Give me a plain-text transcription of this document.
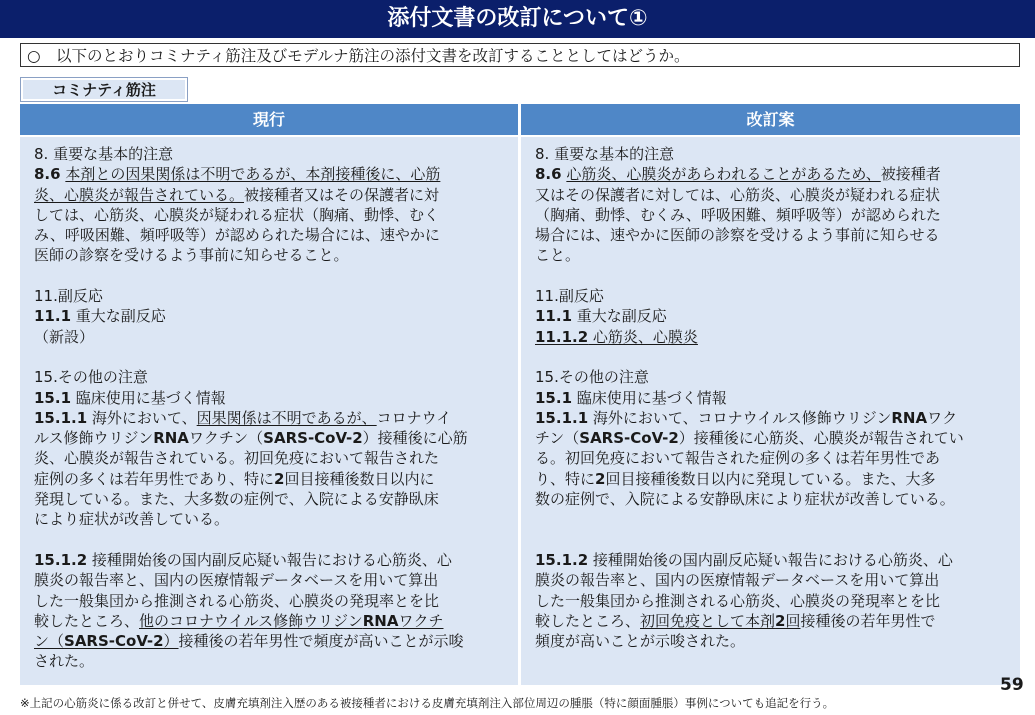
添付文書の改訂について①
○　以下のとおりコミナティ筋注及びモデルナ筋注の添付文書を改訂することとしてはどうか。
コミナティ筋注
現行	改訂案
8. 重要な基本的注意
8.6 本剤との因果関係は不明であるが、本剤接種後に、心筋
炎、心膜炎が報告されている。被接種者又はその保護者に対
しては、心筋炎、心膜炎が疑われる症状（胸痛、動悸、むく
み、呼吸困難、頻呼吸等）が認められた場合には、速やかに
医師の診察を受けるよう事前に知らせること。
11.副反応
11.1 重大な副反応
（新設）
15.その他の注意
15.1 臨床使用に基づく情報
15.1.1 海外において、因果関係は不明であるが、コロナウイ
ルス修飾ウリジンRNAワクチン（SARS-CoV-2）接種後に心筋
炎、心膜炎が報告されている。初回免疫において報告された
症例の多くは若年男性であり、特に2回目接種後数日以内に
発現している。また、大多数の症例で、入院による安静臥床
により症状が改善している。
15.1.2 接種開始後の国内副反応疑い報告における心筋炎、心
膜炎の報告率と、国内の医療情報データベースを用いて算出
した一般集団から推測される心筋炎、心膜炎の発現率とを比
較したところ、他のコロナウイルス修飾ウリジンRNAワクチ
ン（SARS-CoV-2）接種後の若年男性で頻度が高いことが示唆
された。
8. 重要な基本的注意
8.6 心筋炎、心膜炎があらわれることがあるため、被接種者
又はその保護者に対しては、心筋炎、心膜炎が疑われる症状
（胸痛、動悸、むくみ、呼吸困難、頻呼吸等）が認められた
場合には、速やかに医師の診察を受けるよう事前に知らせる
こと。
11.副反応
11.1 重大な副反応
11.1.2 心筋炎、心膜炎
15.その他の注意
15.1 臨床使用に基づく情報
15.1.1 海外において、コロナウイルス修飾ウリジンRNAワク
チン（SARS-CoV-2）接種後に心筋炎、心膜炎が報告されてい
る。初回免疫において報告された症例の多くは若年男性であ
り、特に2回目接種後数日以内に発現している。また、大多
数の症例で、入院による安静臥床により症状が改善している。
15.1.2 接種開始後の国内副反応疑い報告における心筋炎、心
膜炎の報告率と、国内の医療情報データベースを用いて算出
した一般集団から推測される心筋炎、心膜炎の発現率とを比
較したところ、初回免疫として本剤2回接種後の若年男性で
頻度が高いことが示唆された。
59
※上記の心筋炎に係る改訂と併せて、皮膚充填剤注入歴のある被接種者における皮膚充填剤注入部位周辺の腫脹（特に顔面腫脹）事例についても追記を行う。
